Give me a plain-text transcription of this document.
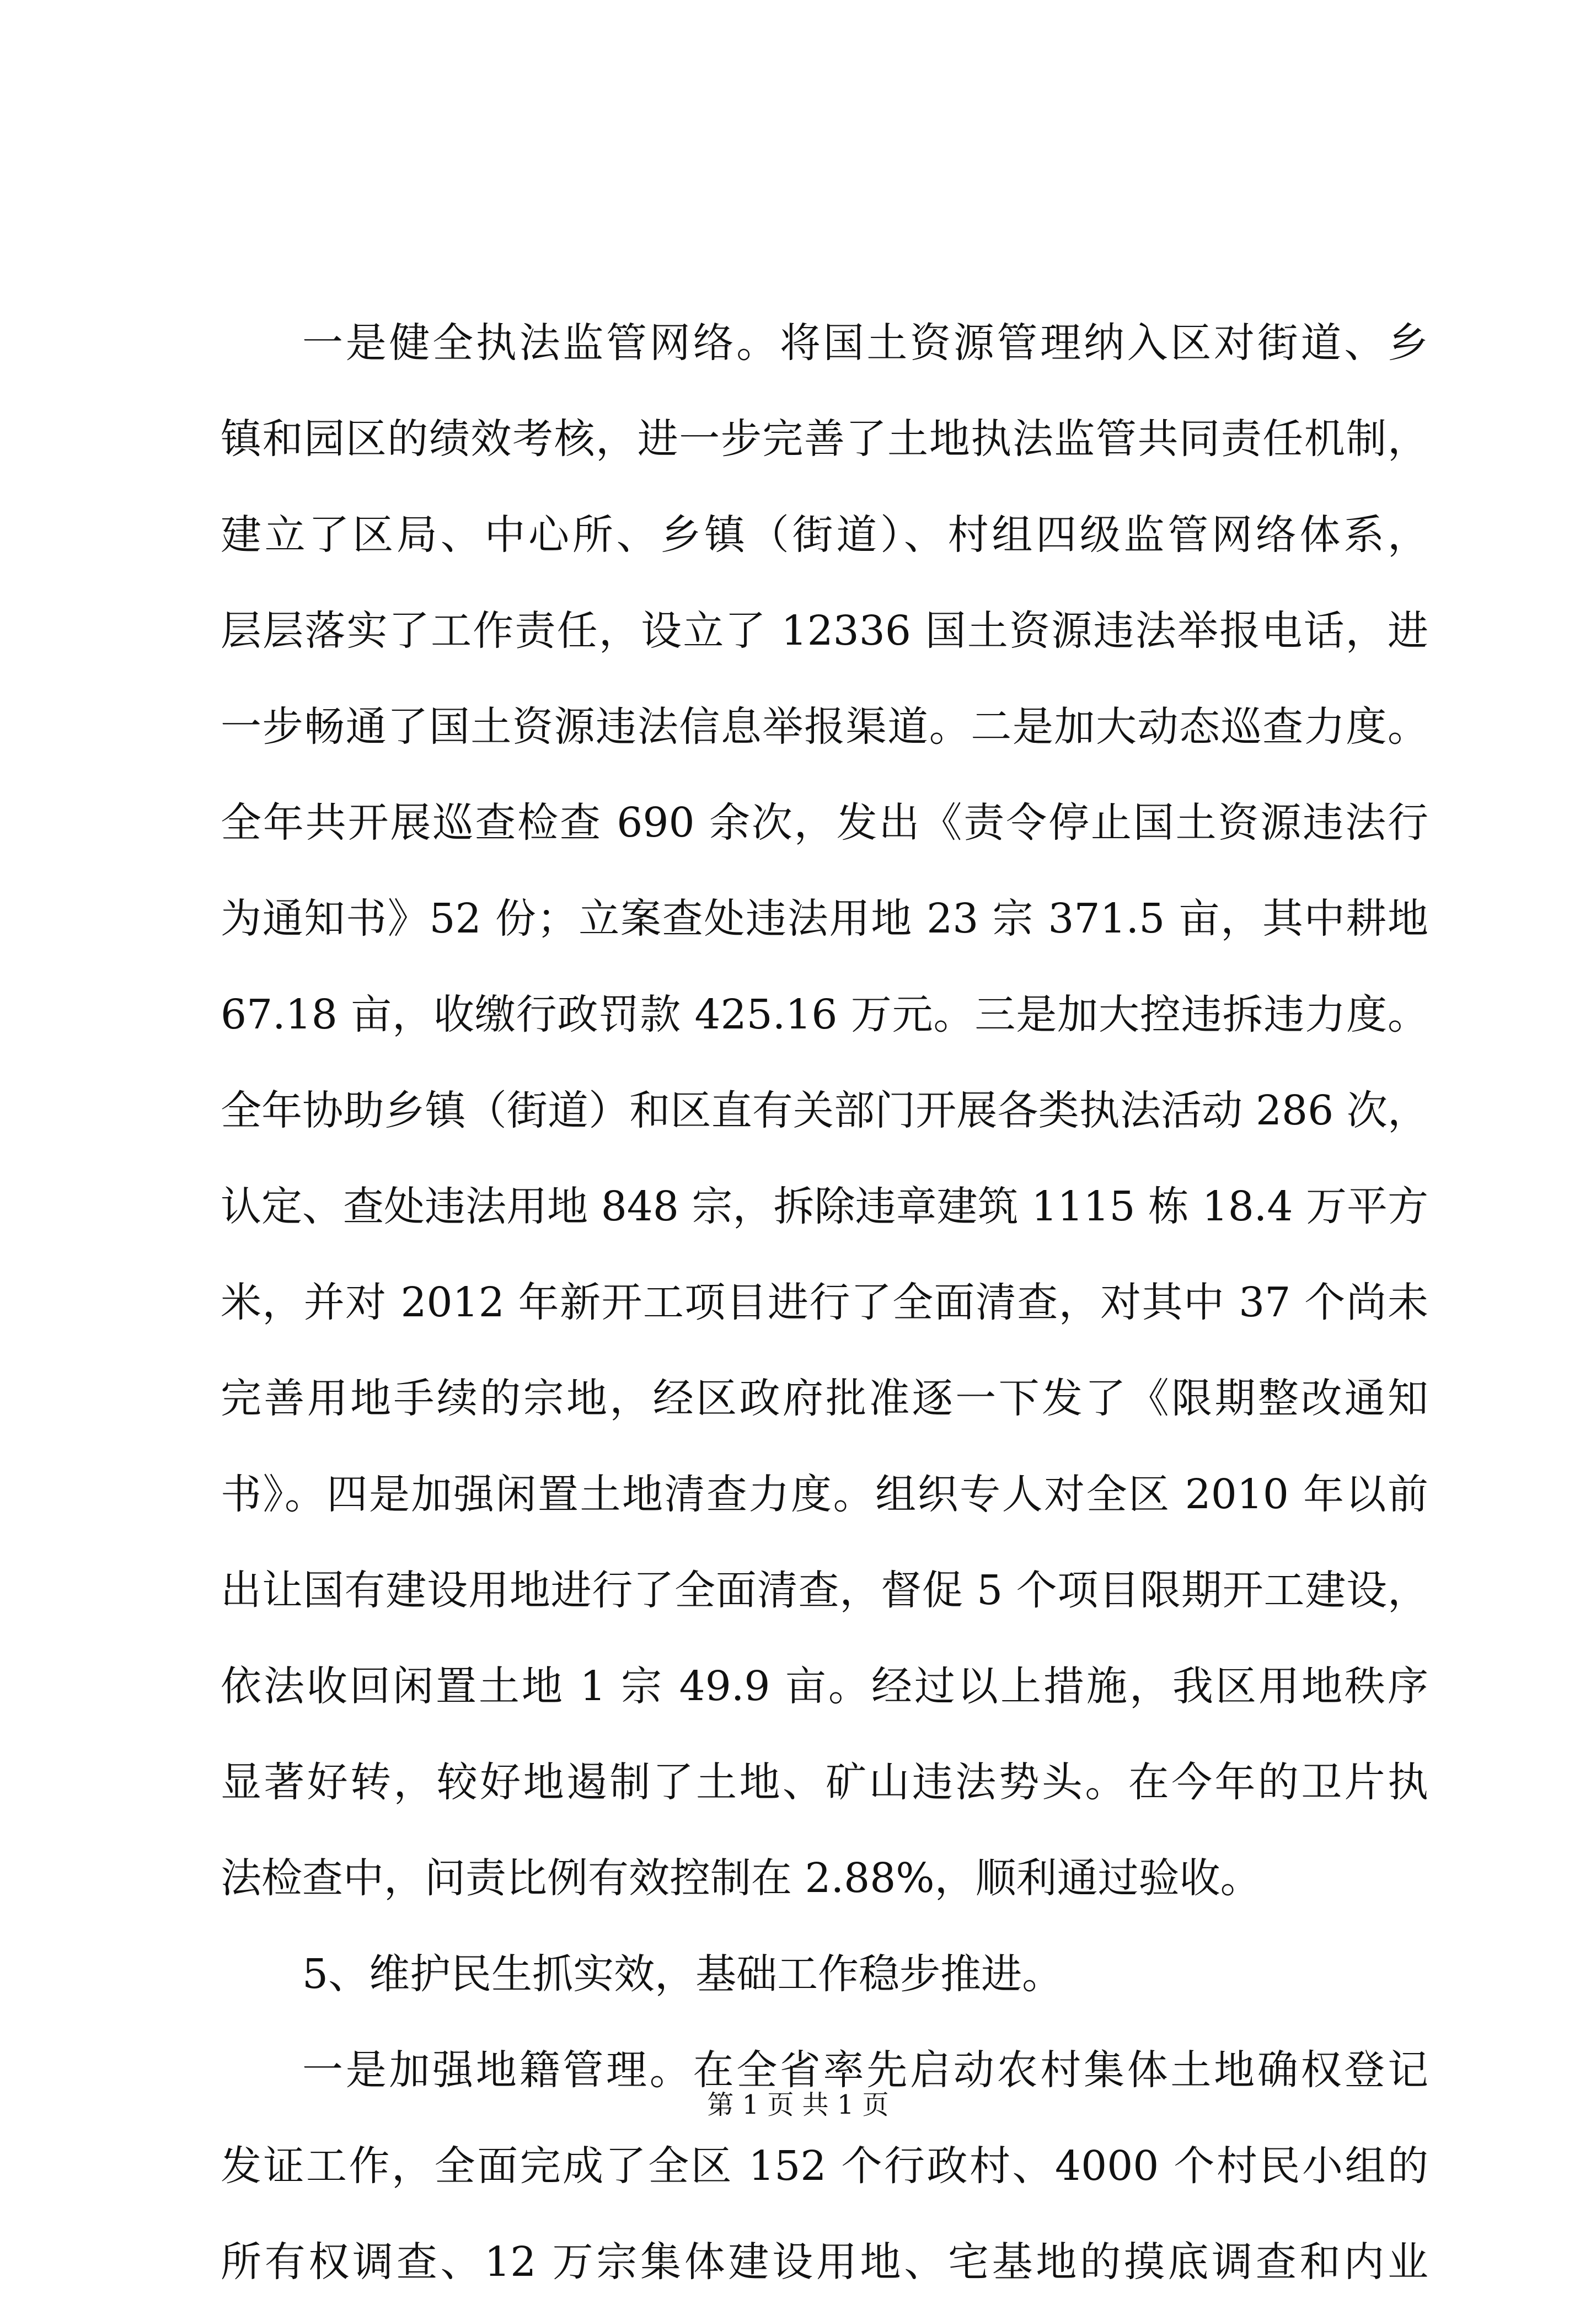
一是健全执法监管网络。将国土资源管理纳入区对街道、乡
镇和园区的绩效考核，进一步完善了土地执法监管共同责任机制，
建立了区局、中心所、乡镇（街道）、村组四级监管网络体系，
层层落实了工作责任，设立了 12336 国土资源违法举报电话，进
一步畅通了国土资源违法信息举报渠道。二是加大动态巡查力度。
全年共开展巡查检查 690 余次，发出《责令停止国土资源违法行
为通知书》52 份；立案查处违法用地 23 宗 371.5 亩，其中耕地
67.18 亩，收缴行政罚款 425.16 万元。三是加大控违拆违力度。
全年协助乡镇（街道）和区直有关部门开展各类执法活动 286 次，
认定、查处违法用地 848 宗，拆除违章建筑 1115 栋 18.4 万平方
米，并对 2012 年新开工项目进行了全面清查，对其中 37 个尚未
完善用地手续的宗地，经区政府批准逐一下发了《限期整改通知
书》。四是加强闲置土地清查力度。组织专人对全区 2010 年以前
出让国有建设用地进行了全面清查，督促 5 个项目限期开工建设，
依法收回闲置土地 1 宗 49.9 亩。经过以上措施，我区用地秩序
显著好转，较好地遏制了土地、矿山违法势头。在今年的卫片执
法检查中，问责比例有效控制在 2.88%，顺利通过验收。
5、维护民生抓实效，基础工作稳步推进。
一是加强地籍管理。在全省率先启动农村集体土地确权登记
发证工作，全面完成了全区 152 个行政村、4000 个村民小组的
所有权调查、12 万宗集体建设用地、宅基地的摸底调查和内业
第 1 页 共 1 页
